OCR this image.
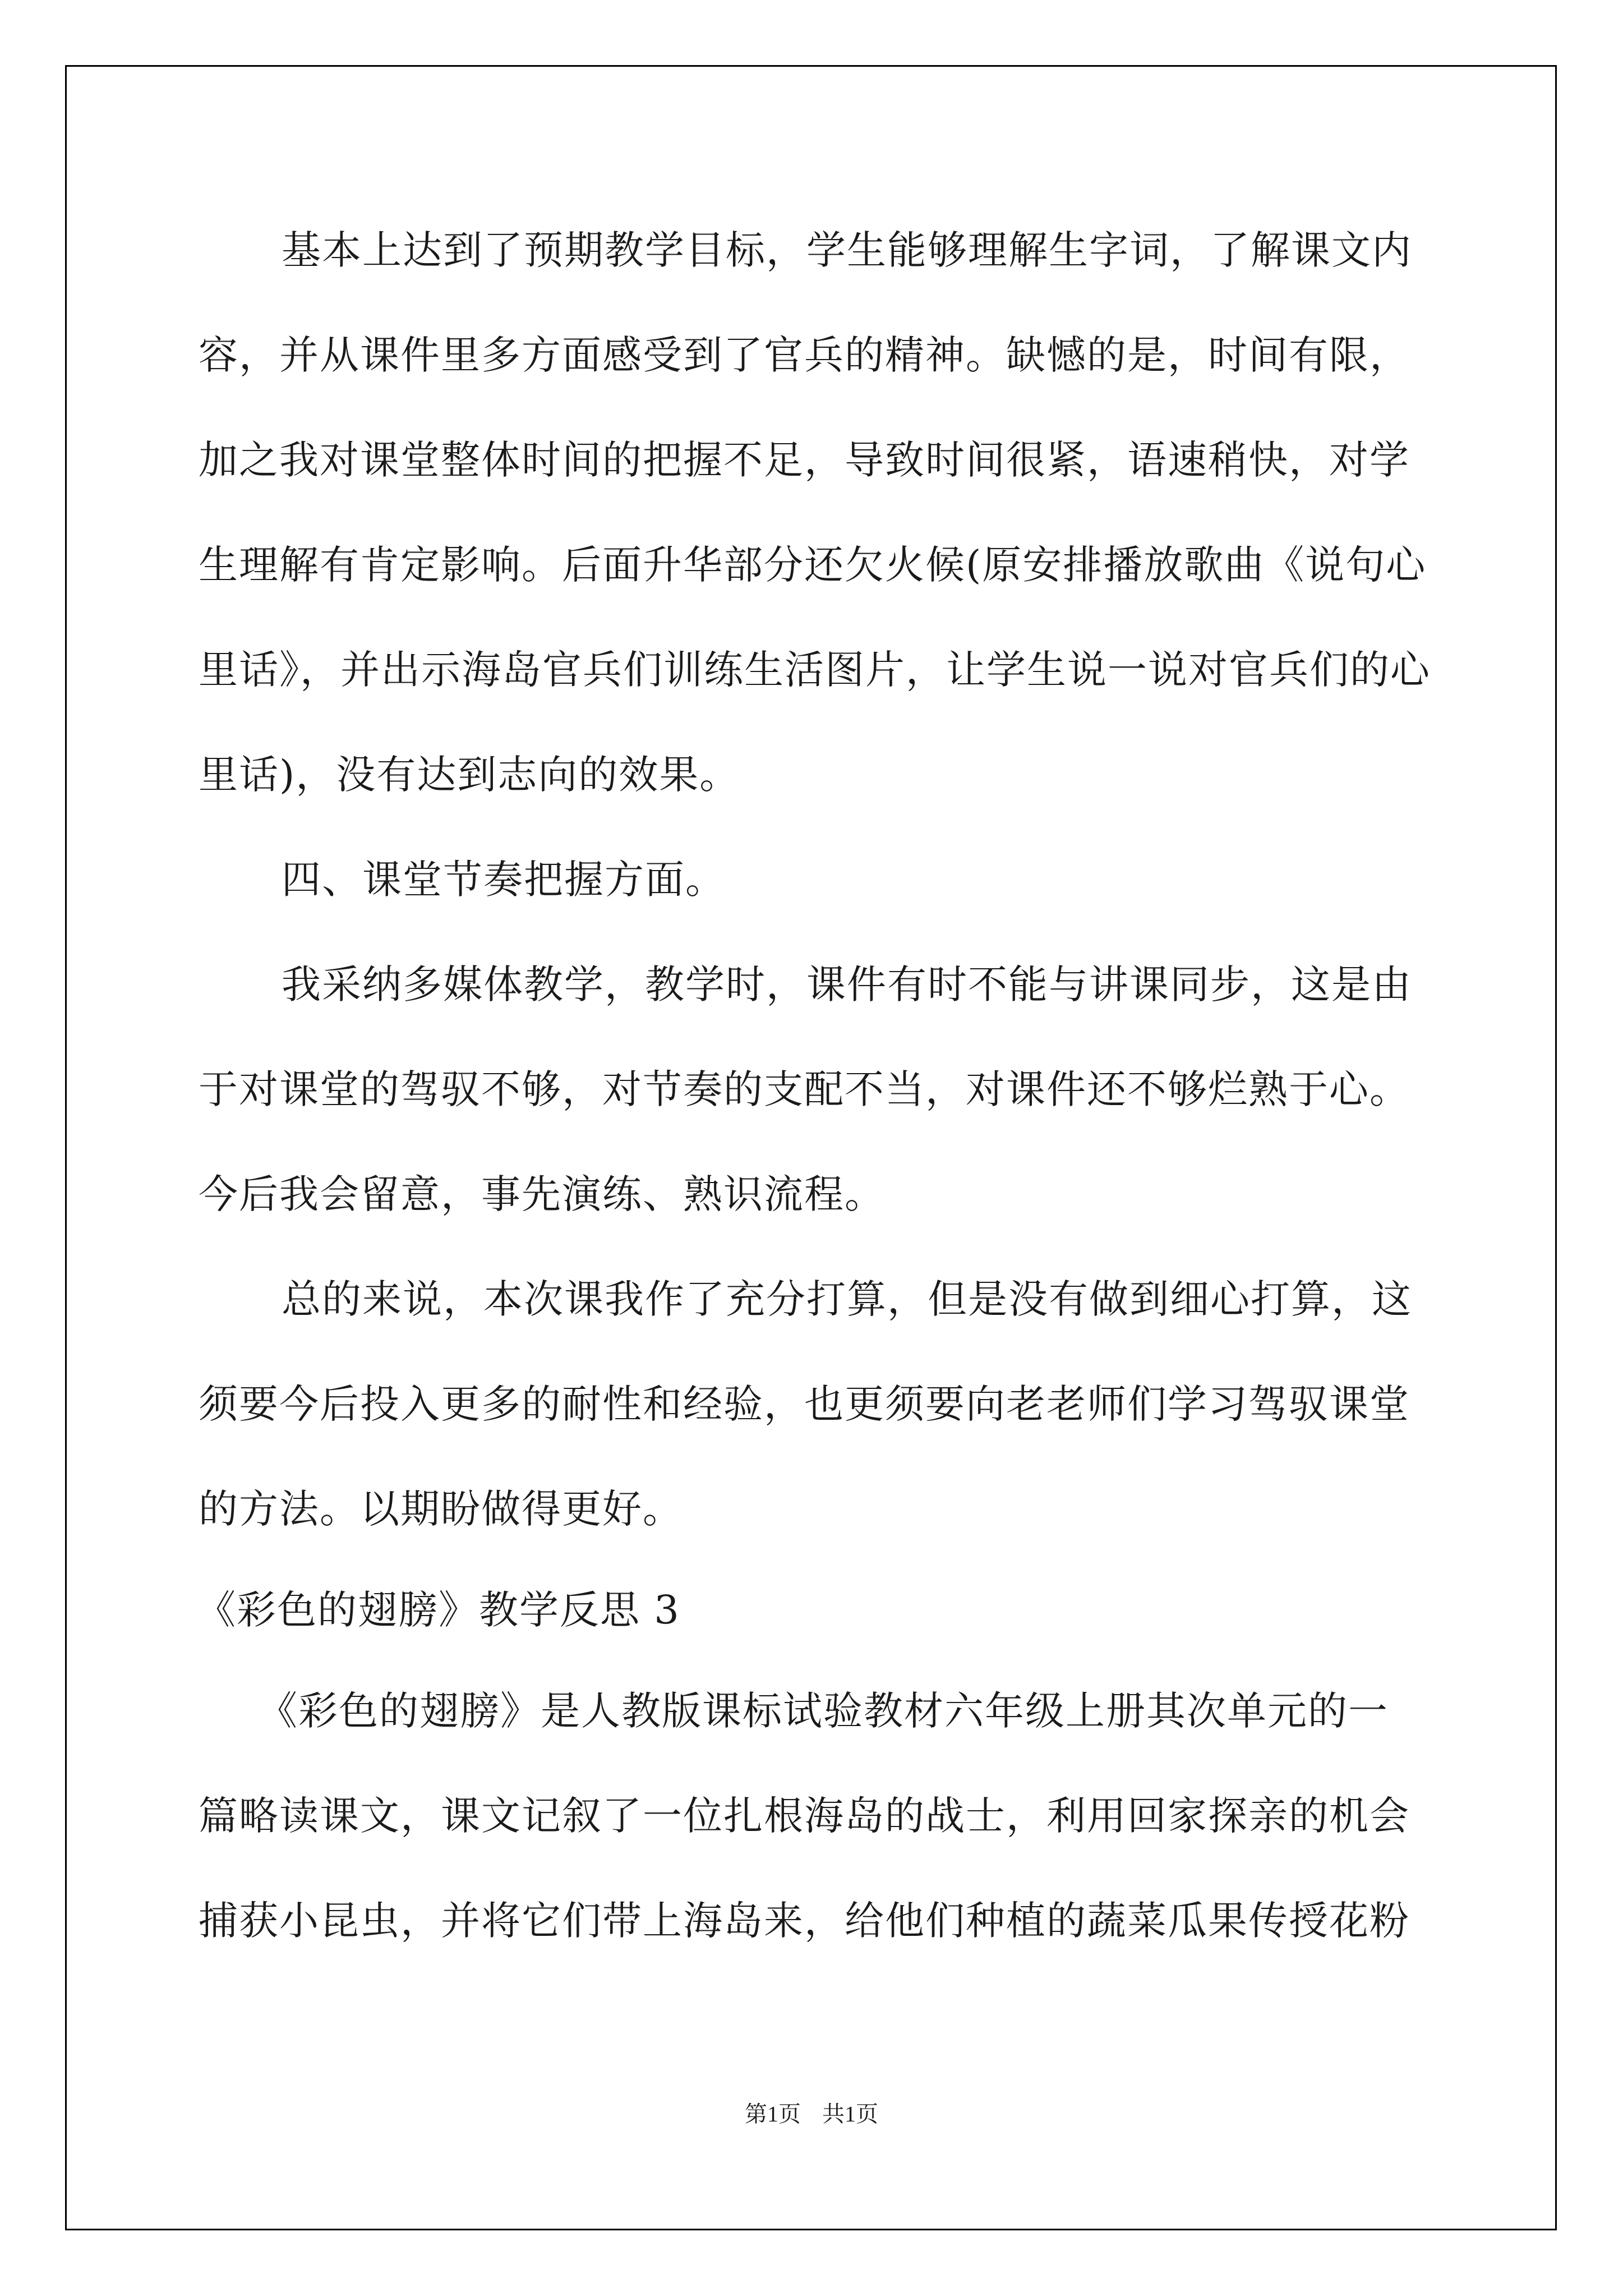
基本上达到了预期教学目标，学生能够理解生字词，了解课文内

容，并从课件里多方面感受到了官兵的精神。缺憾的是，时间有限，

加之我对课堂整体时间的把握不足，导致时间很紧，语速稍快，对学

生理解有肯定影响。后面升华部分还欠火候(原安排播放歌曲《说句心

里话》，并出示海岛官兵们训练生活图片，让学生说一说对官兵们的心

里话)，没有达到志向的效果。

四、课堂节奏把握方面。

我采纳多媒体教学，教学时，课件有时不能与讲课同步，这是由

于对课堂的驾驭不够，对节奏的支配不当，对课件还不够烂熟于心。

今后我会留意，事先演练、熟识流程。

总的来说，本次课我作了充分打算，但是没有做到细心打算，这

须要今后投入更多的耐性和经验，也更须要向老老师们学习驾驭课堂

的方法。以期盼做得更好。

《彩色的翅膀》教学反思 3

《彩色的翅膀》是人教版课标试验教材六年级上册其次单元的一

篇略读课文，课文记叙了一位扎根海岛的战士，利用回家探亲的机会

捕获小昆虫，并将它们带上海岛来，给他们种植的蔬菜瓜果传授花粉

第1页 共1页
